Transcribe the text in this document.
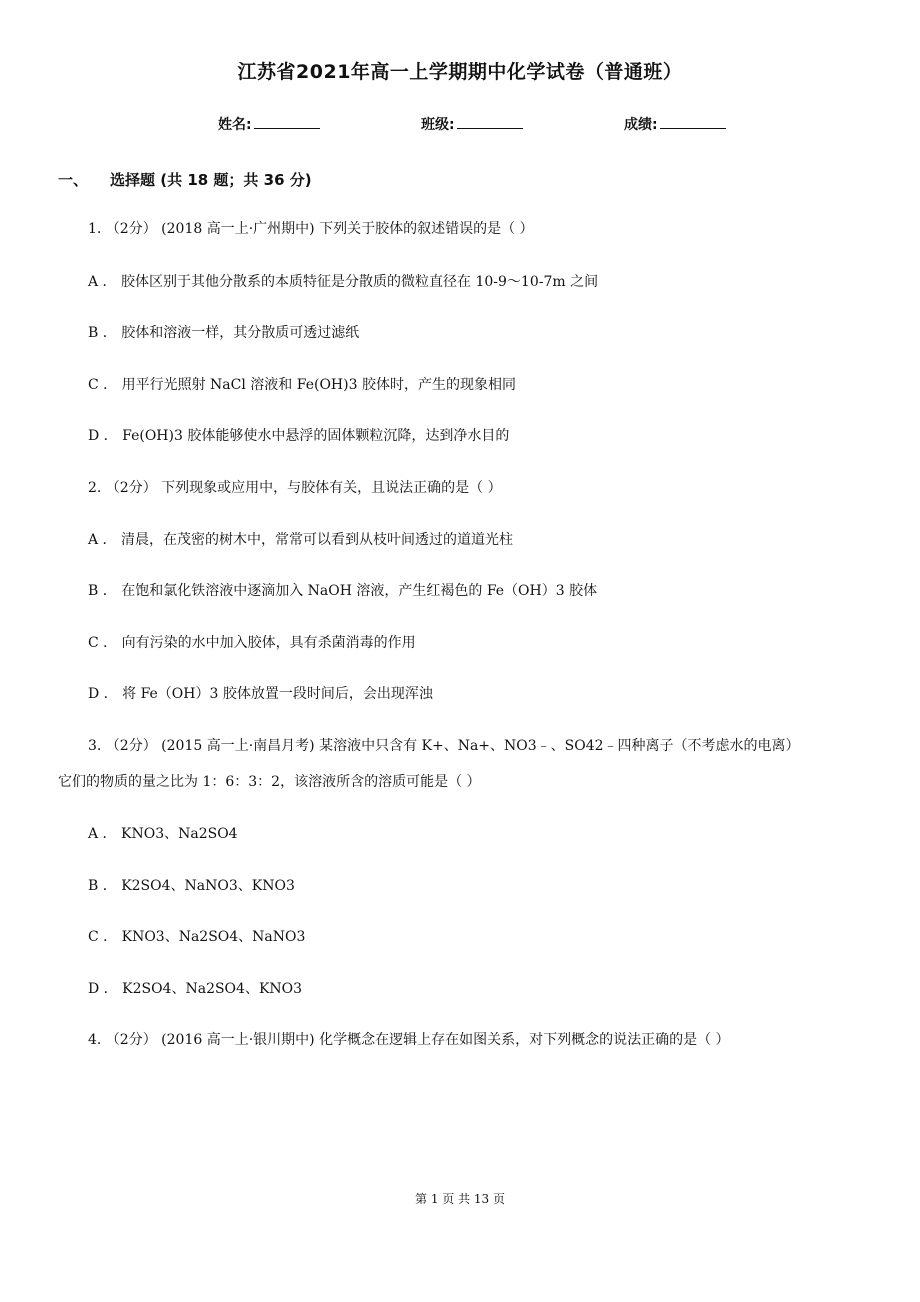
江苏省2021年高一上学期期中化学试卷（普通班）
姓名:	班级:	成绩:
一、 选择题 (共 18 题；共 36 分)
1. （2分） (2018 高一上·广州期中) 下列关于胶体的叙述错误的是（ ）
A ． 胶体区别于其他分散系的本质特征是分散质的微粒直径在 10-9～10-7m 之间
B ． 胶体和溶液一样，其分散质可透过滤纸
C ． 用平行光照射 NaCl 溶液和 Fe(OH)3 胶体时，产生的现象相同
D ． Fe(OH)3 胶体能够使水中悬浮的固体颗粒沉降，达到净水目的
2. （2分） 下列现象或应用中，与胶体有关，且说法正确的是（ ）
A ． 清晨，在茂密的树木中，常常可以看到从枝叶间透过的道道光柱
B ． 在饱和氯化铁溶液中逐滴加入 NaOH 溶液，产生红褐色的 Fe（OH）3 胶体
C ． 向有污染的水中加入胶体，具有杀菌消毒的作用
D ． 将 Fe（OH）3 胶体放置一段时间后，会出现浑浊
3. （2分） (2015 高一上·南昌月考) 某溶液中只含有 K+、Na+、NO3﹣、SO42﹣四种离子（不考虑水的电离）
它们的物质的量之比为 1：6：3：2，该溶液所含的溶质可能是（ ）
A ． KNO3、Na2SO4
B ． K2SO4、NaNO3、KNO3
C ． KNO3、Na2SO4、NaNO3
D ． K2SO4、Na2SO4、KNO3
4. （2分） (2016 高一上·银川期中) 化学概念在逻辑上存在如图关系，对下列概念的说法正确的是（ ）
第 1 页 共 13 页
